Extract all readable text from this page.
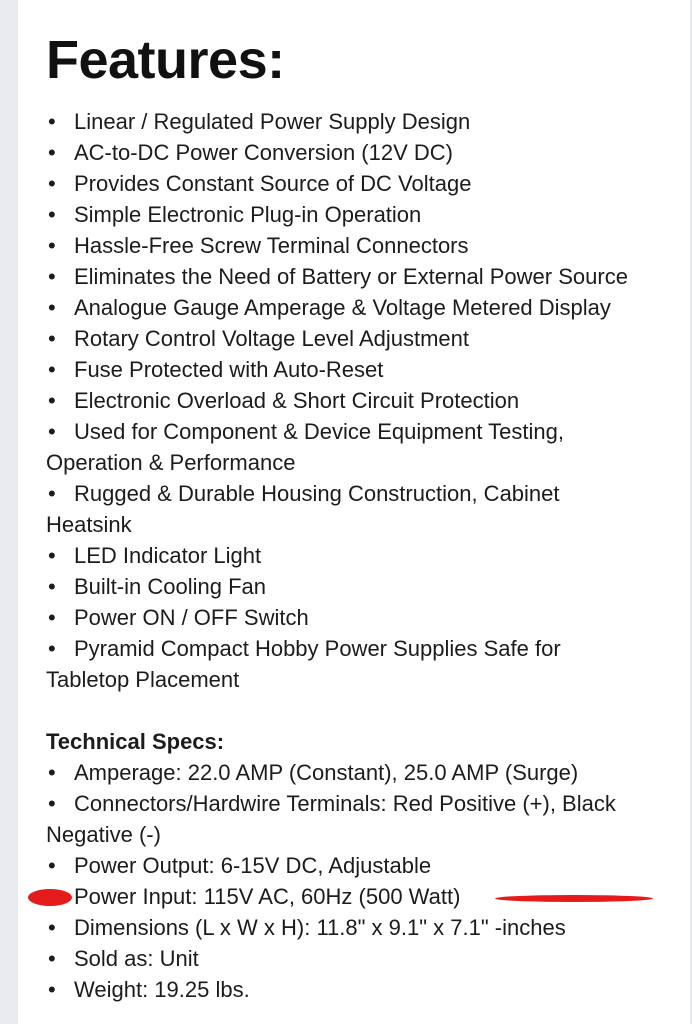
Features:
• Linear / Regulated Power Supply Design
• AC-to-DC Power Conversion (12V DC)
• Provides Constant Source of DC Voltage
• Simple Electronic Plug-in Operation
• Hassle-Free Screw Terminal Connectors
• Eliminates the Need of Battery or External Power Source
• Analogue Gauge Amperage & Voltage Metered Display
• Rotary Control Voltage Level Adjustment
• Fuse Protected with Auto-Reset
• Electronic Overload & Short Circuit Protection
• Used for Component & Device Equipment Testing,
Operation & Performance
• Rugged & Durable Housing Construction, Cabinet
Heatsink
• LED Indicator Light
• Built-in Cooling Fan
• Power ON / OFF Switch
• Pyramid Compact Hobby Power Supplies Safe for
Tabletop Placement
Technical Specs:
• Amperage: 22.0 AMP (Constant), 25.0 AMP (Surge)
• Connectors/Hardwire Terminals: Red Positive (+), Black
Negative (-)
• Power Output: 6-15V DC, Adjustable
Power Input: 115V AC, 60Hz (500 Watt)
• Dimensions (L x W x H): 11.8" x 9.1" x 7.1" -inches
• Sold as: Unit
• Weight: 19.25 lbs.
